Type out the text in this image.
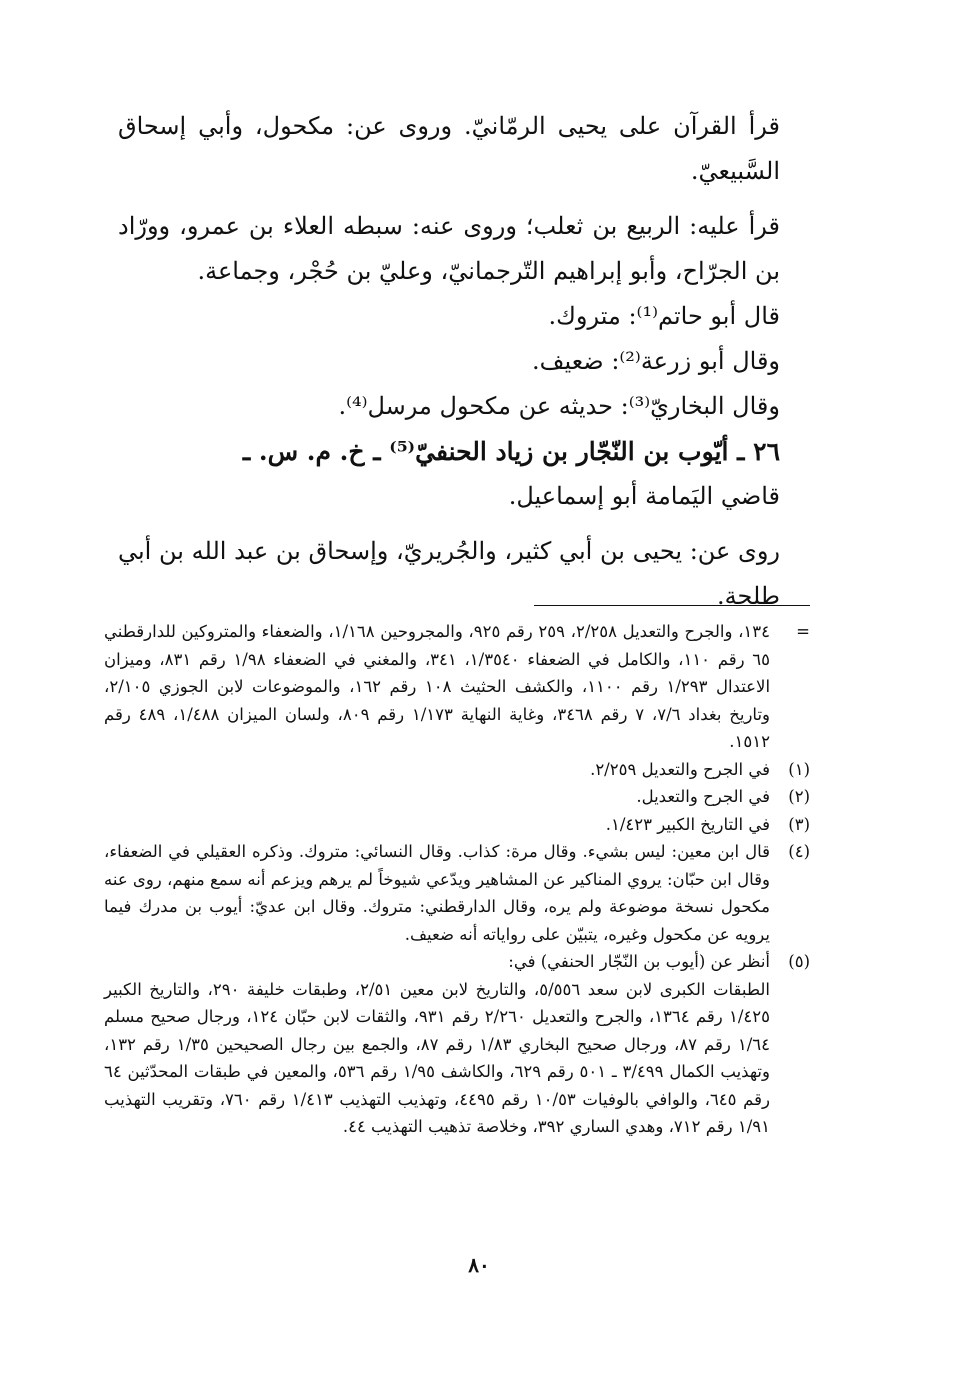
قرأ القرآن على يحيى الرمّانيّ. وروى عن: مكحول، وأبي إسحاق السَّبيعيّ.

قرأ عليه: الربيع بن ثعلب؛ وروى عنه: سبطه العلاء بن عمرو، وورّاد بن الجرّاح، وأبو إبراهيم التّرجمانيّ، وعليّ بن حُجْر، وجماعة.

قال أبو حاتم⁽¹⁾: متروك.

وقال أبو زرعة⁽²⁾: ضعيف.

وقال البخاريّ⁽³⁾: حديثه عن مكحول مرسل⁽⁴⁾.

٢٦ ـ أيّوب بن النّجّار بن زياد الحنفيّ⁽⁵⁾ ـ خ. م. س. ـ

قاضي اليَمامة أبو إسماعيل.

روى عن: يحيى بن أبي كثير، والجُريريّ، وإسحاق بن عبد الله بن أبي طلحة.

=
١٣٤، والجرح والتعديل ٢/٢٥٨، ٢٥٩ رقم ٩٢٥، والمجروحين ١/١٦٨، والضعفاء والمتروكين للدارقطني ٦٥ رقم ١١٠، والكامل في الضعفاء ١/٣٥٤٠، ٣٤١، والمغني في الضعفاء ١/٩٨ رقم ٨٣١، وميزان الاعتدال ١/٢٩٣ رقم ١١٠٠، والكشف الحثيث ١٠٨ رقم ١٦٢، والموضوعات لابن الجوزي ٢/١٠٥، وتاريخ بغداد ٧/٦، ٧ رقم ٣٤٦٨، وغاية النهاية ١/١٧٣ رقم ٨٠٩، ولسان الميزان ١/٤٨٨، ٤٨٩ رقم ١٥١٢.
(١)
في الجرح والتعديل ٢/٢٥٩.
(٢)
في الجرح والتعديل.
(٣)
في التاريخ الكبير ١/٤٢٣.
(٤)
قال ابن معين: ليس بشيء. وقال مرة: كذاب. وقال النسائي: متروك. وذكره العقيلي في الضعفاء، وقال ابن حبّان: يروي المناكير عن المشاهير ويدّعي شيوخاً لم يرهم ويزعم أنه سمع منهم، روى عنه مكحول نسخة موضوعة ولم يره، وقال الدارقطني: متروك. وقال ابن عديّ: أيوب بن مدرك فيما يرويه عن مكحول وغيره، يتبيّن على رواياته أنه ضعيف.
(٥)
أنظر عن (أيوب بن النّجّار الحنفي) في:

الطبقات الكبرى لابن سعد ٥/٥٥٦، والتاريخ لابن معين ٢/٥١، وطبقات خليفة ٢٩٠، والتاريخ الكبير ١/٤٢٥ رقم ١٣٦٤، والجرح والتعديل ٢/٢٦٠ رقم ٩٣١، والثقات لابن حبّان ١٢٤، ورجال صحيح مسلم ١/٦٤ رقم ٨٧، ورجال صحيح البخاري ١/٨٣ رقم ٨٧، والجمع بين رجال الصحيحين ١/٣٥ رقم ١٣٢، وتهذيب الكمال ٣/٤٩٩ ـ ٥٠١ رقم ٦٢٩، والكاشف ١/٩٥ رقم ٥٣٦، والمعين في طبقات المحدّثين ٦٤ رقم ٦٤٥، والوافي بالوفيات ١٠/٥٣ رقم ٤٤٩٥، وتهذيب التهذيب ١/٤١٣ رقم ٧٦٠، وتقريب التهذيب ١/٩١ رقم ٧١٢، وهدي الساري ٣٩٢، وخلاصة تذهيب التهذيب ٤٤.

٨٠
